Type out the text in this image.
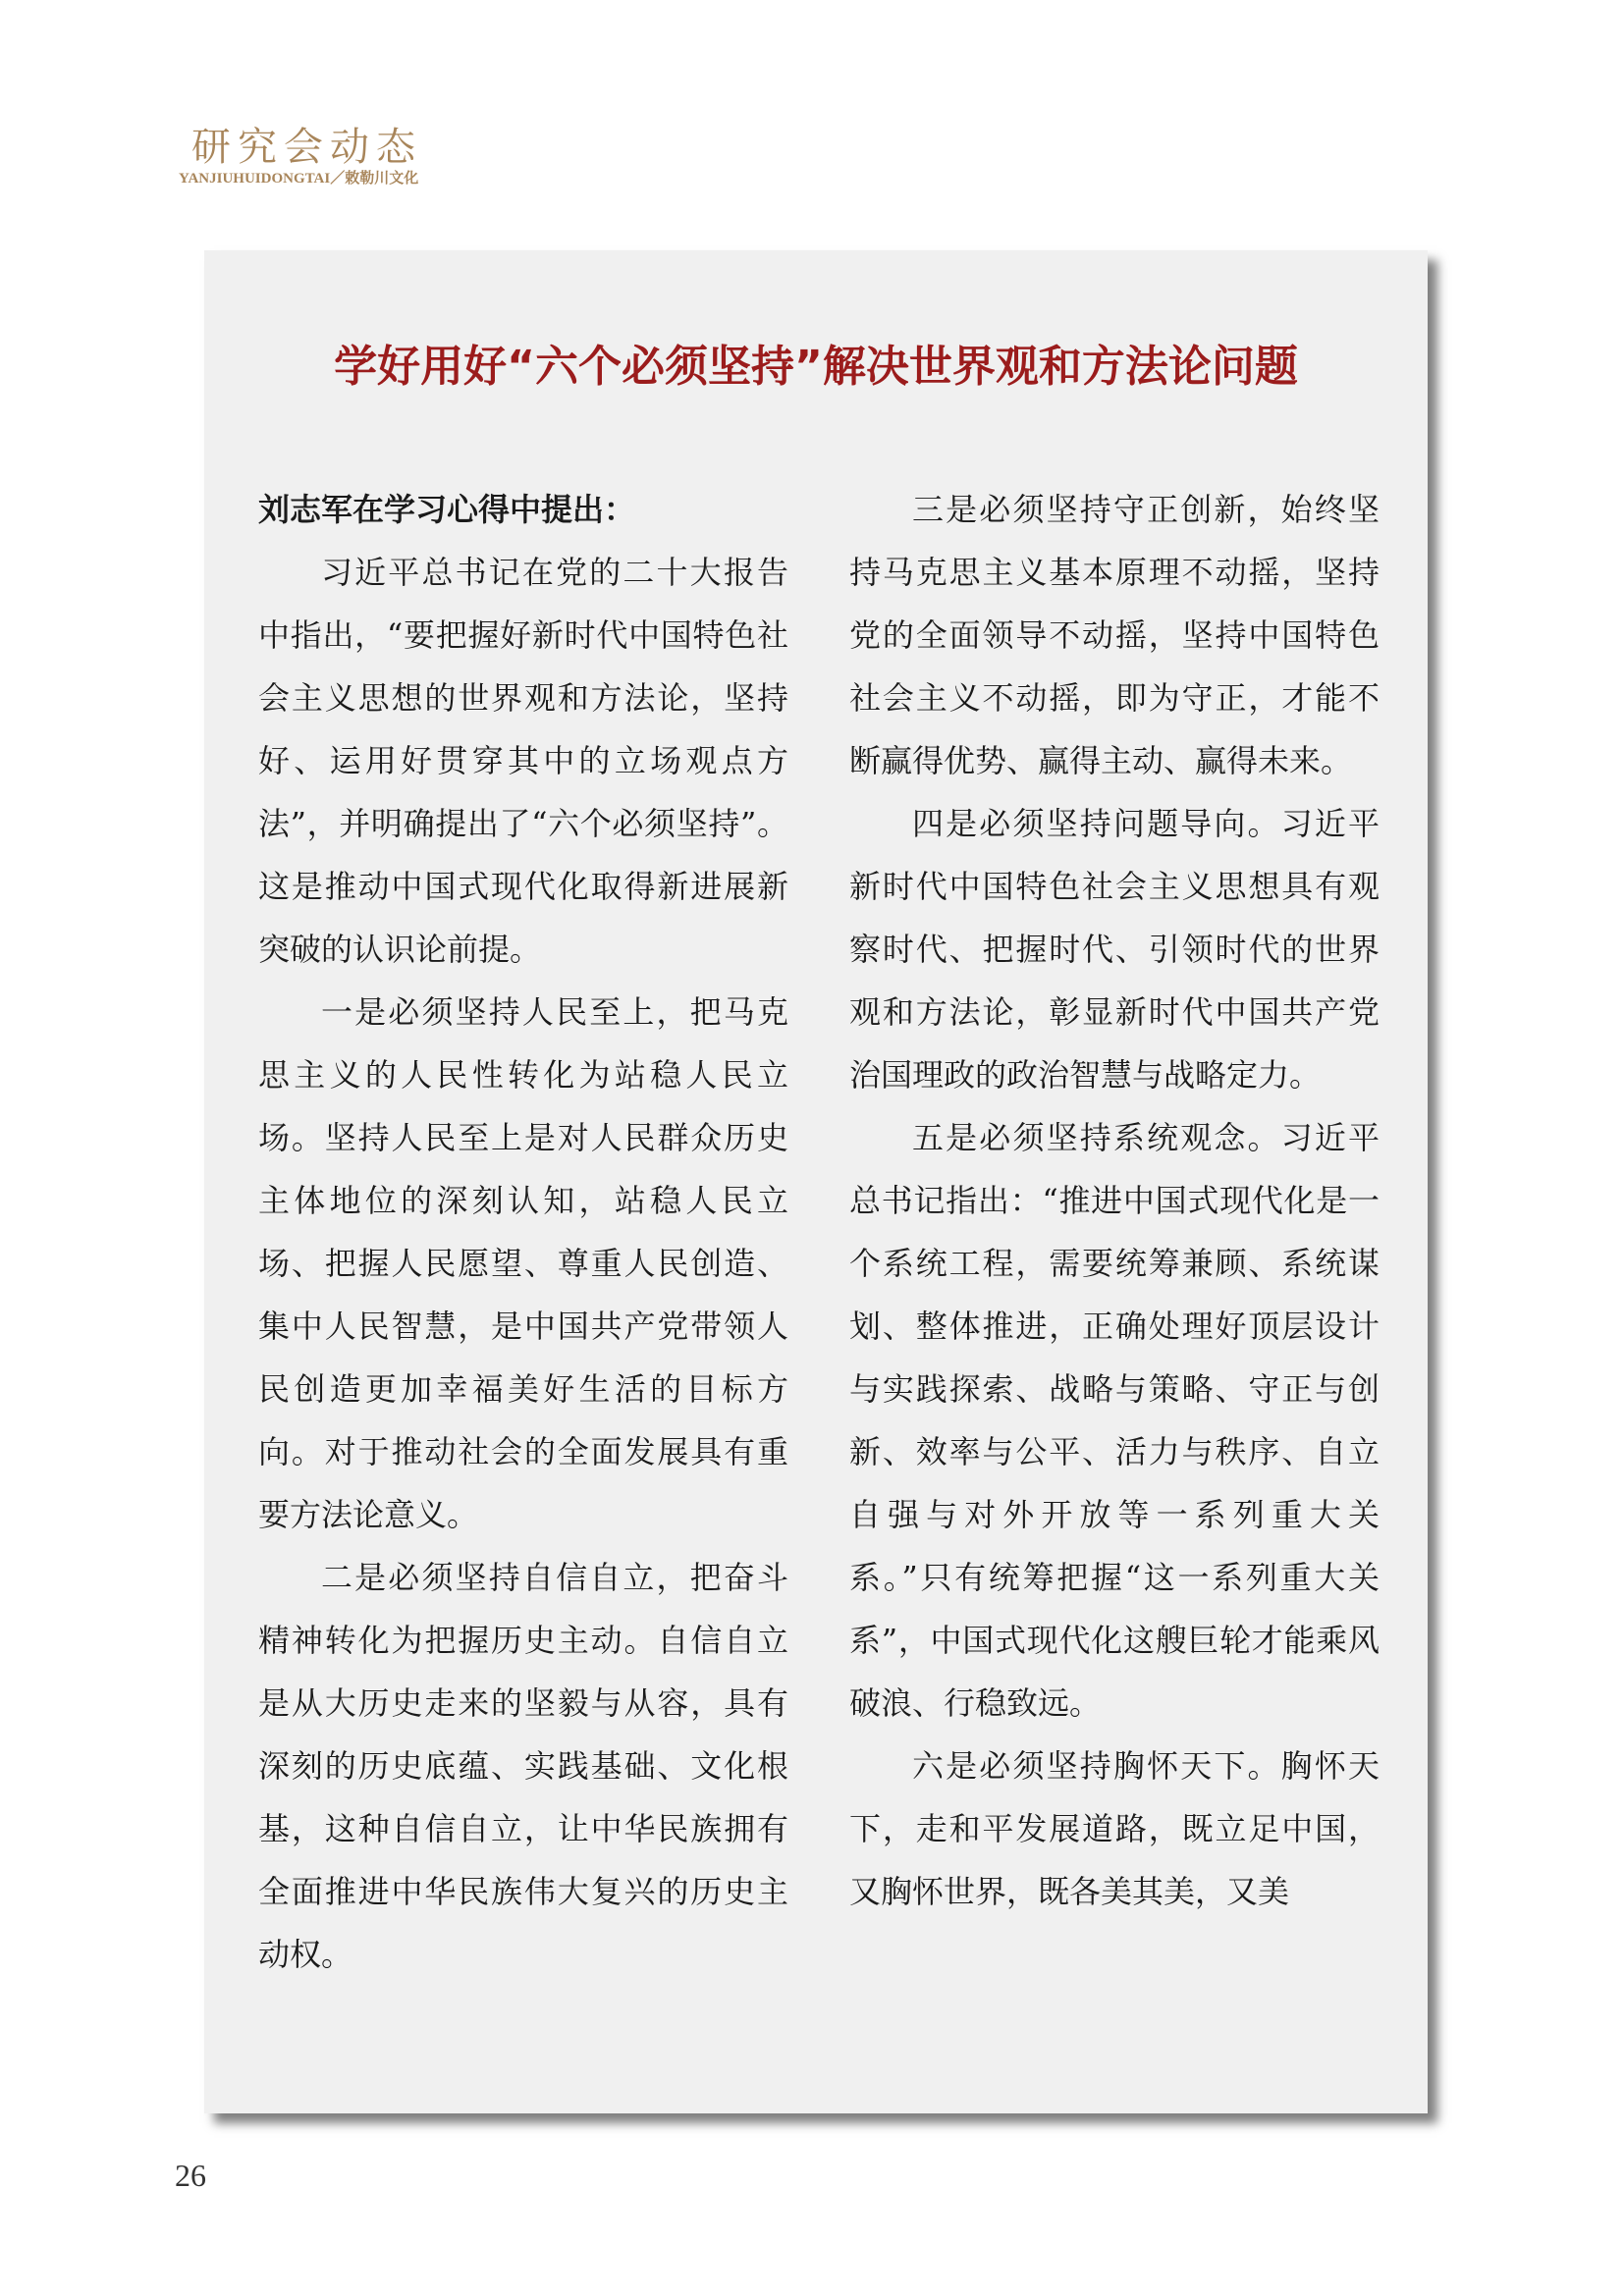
研究会动态
YANJIUHUIDONGTAI／敕勒川文化
学好用好“六个必须坚持”解决世界观和方法论问题

刘志军在学习心得中提出：

习近平总书记在党的二十大报告中指出，“要把握好新时代中国特色社会主义思想的世界观和方法论，坚持好、运用好贯穿其中的立场观点方法”，并明确提出了“六个必须坚持”。这是推动中国式现代化取得新进展新突破的认识论前提。

一是必须坚持人民至上，把马克思主义的人民性转化为站稳人民立场。坚持人民至上是对人民群众历史主体地位的深刻认知，站稳人民立场、把握人民愿望、尊重人民创造、集中人民智慧，是中国共产党带领人民创造更加幸福美好生活的目标方向。对于推动社会的全面发展具有重要方法论意义。

二是必须坚持自信自立，把奋斗精神转化为把握历史主动。自信自立是从大历史走来的坚毅与从容，具有深刻的历史底蕴、实践基础、文化根基，这种自信自立，让中华民族拥有全面推进中华民族伟大复兴的历史主动权。

三是必须坚持守正创新，始终坚持马克思主义基本原理不动摇，坚持党的全面领导不动摇，坚持中国特色社会主义不动摇，即为守正，才能不断赢得优势、赢得主动、赢得未来。

四是必须坚持问题导向。习近平新时代中国特色社会主义思想具有观察时代、把握时代、引领时代的世界观和方法论，彰显新时代中国共产党治国理政的政治智慧与战略定力。

五是必须坚持系统观念。习近平总书记指出：“推进中国式现代化是一个系统工程，需要统筹兼顾、系统谋划、整体推进，正确处理好顶层设计与实践探索、战略与策略、守正与创新、效率与公平、活力与秩序、自立自强与对外开放等一系列重大关系。”只有统筹把握“这一系列重大关系”，中国式现代化这艘巨轮才能乘风破浪、行稳致远。

六是必须坚持胸怀天下。胸怀天下，走和平发展道路，既立足中国，又胸怀世界，既各美其美，又美

26
